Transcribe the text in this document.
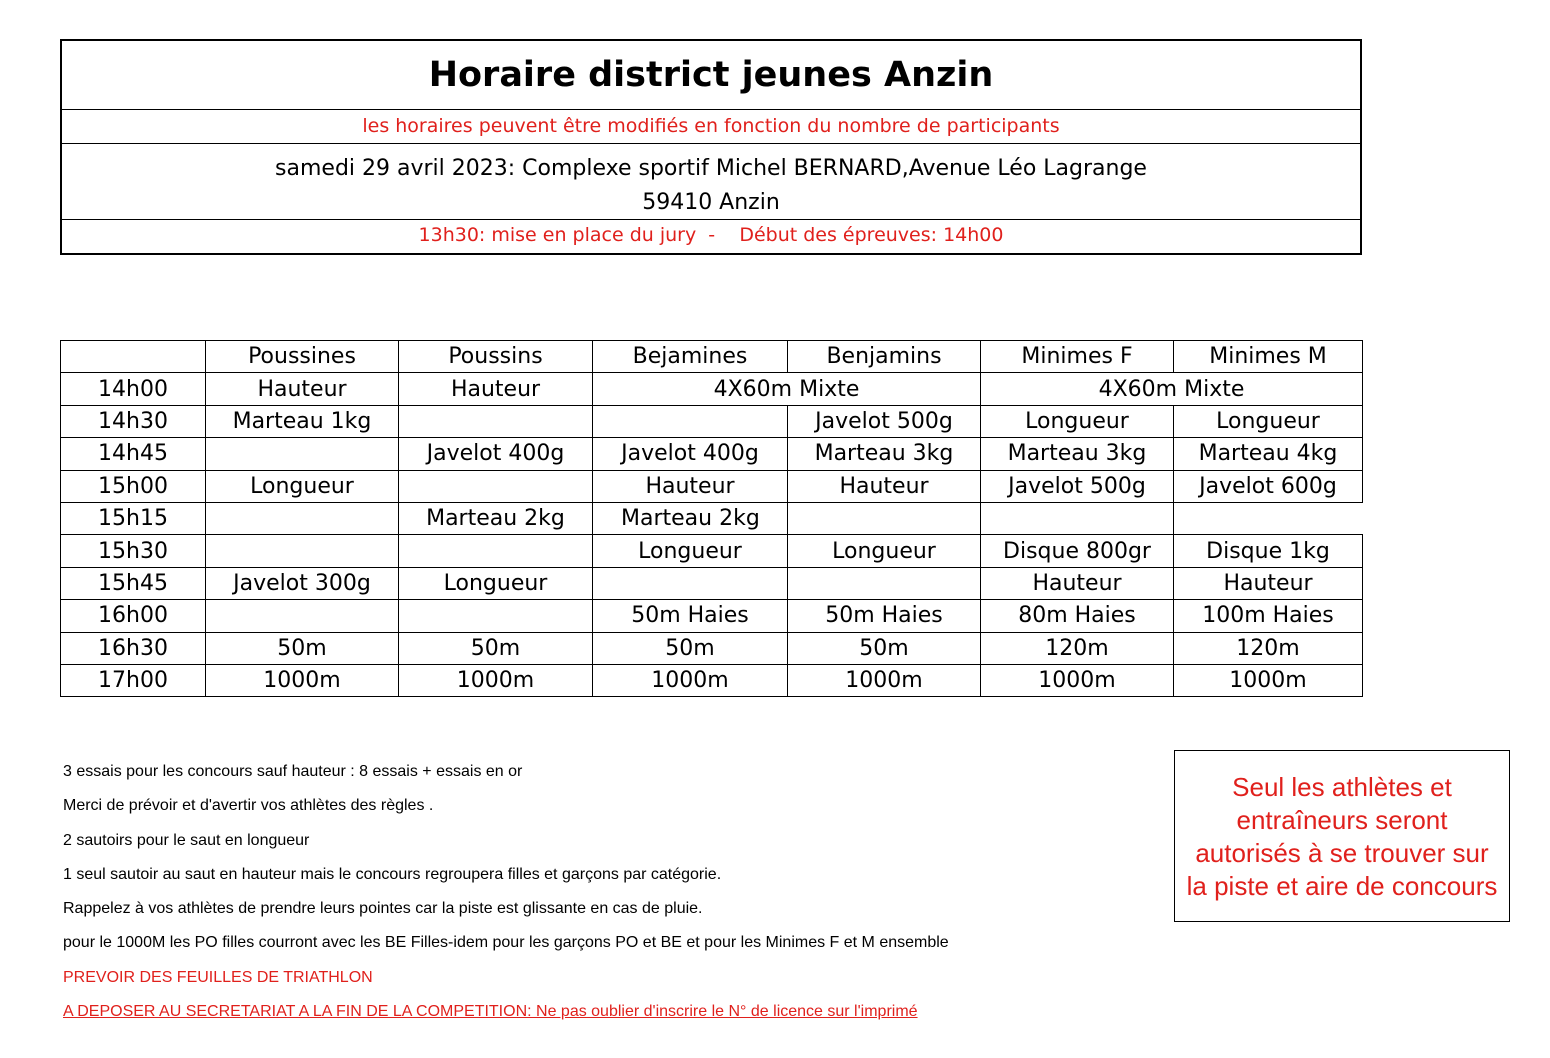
Horaire district jeunes Anzin
les horaires peuvent être modifiés en fonction du nombre de participants
samedi 29 avril 2023: Complexe sportif Michel BERNARD,Avenue Léo Lagrange
59410 Anzin
13h30: mise en place du jury  -    Début des épreuves: 14h00
	Poussines	Poussins	Bejamines	Benjamins	Minimes F	Minimes M
14h00	Hauteur	Hauteur	4X60m Mixte		4X60m Mixte	
14h30	Marteau 1kg			Javelot 500g	Longueur	Longueur
14h45		Javelot 400g	Javelot 400g	Marteau 3kg	Marteau 3kg	Marteau 4kg
15h00	Longueur		Hauteur	Hauteur	Javelot 500g	Javelot 600g
15h15		Marteau 2kg	Marteau 2kg			
15h30			Longueur	Longueur	Disque 800gr	Disque 1kg
15h45	Javelot 300g	Longueur			Hauteur	Hauteur
16h00			50m Haies	50m Haies	80m Haies	100m Haies
16h30	50m	50m	50m	50m	120m	120m
17h00	1000m	1000m	1000m	1000m	1000m	1000m
3 essais pour les concours sauf hauteur : 8 essais + essais en or
Merci de prévoir et d'avertir vos athlètes des règles .
2 sautoirs pour le saut en longueur
1 seul sautoir au saut en hauteur mais le concours regroupera filles et garçons par catégorie.
Rappelez à vos athlètes de prendre leurs pointes car la piste est glissante en cas de pluie.
pour le 1000M les PO filles courront avec les BE Filles-idem pour les garçons PO et BE et pour les Minimes F et M ensemble
PREVOIR DES FEUILLES DE TRIATHLON
A DEPOSER AU SECRETARIAT A LA FIN DE LA COMPETITION: Ne pas oublier d'inscrire le N° de licence sur l'imprimé
Seul les athlètes et
entraîneurs seront
autorisés à se trouver sur
la piste et aire de concours
